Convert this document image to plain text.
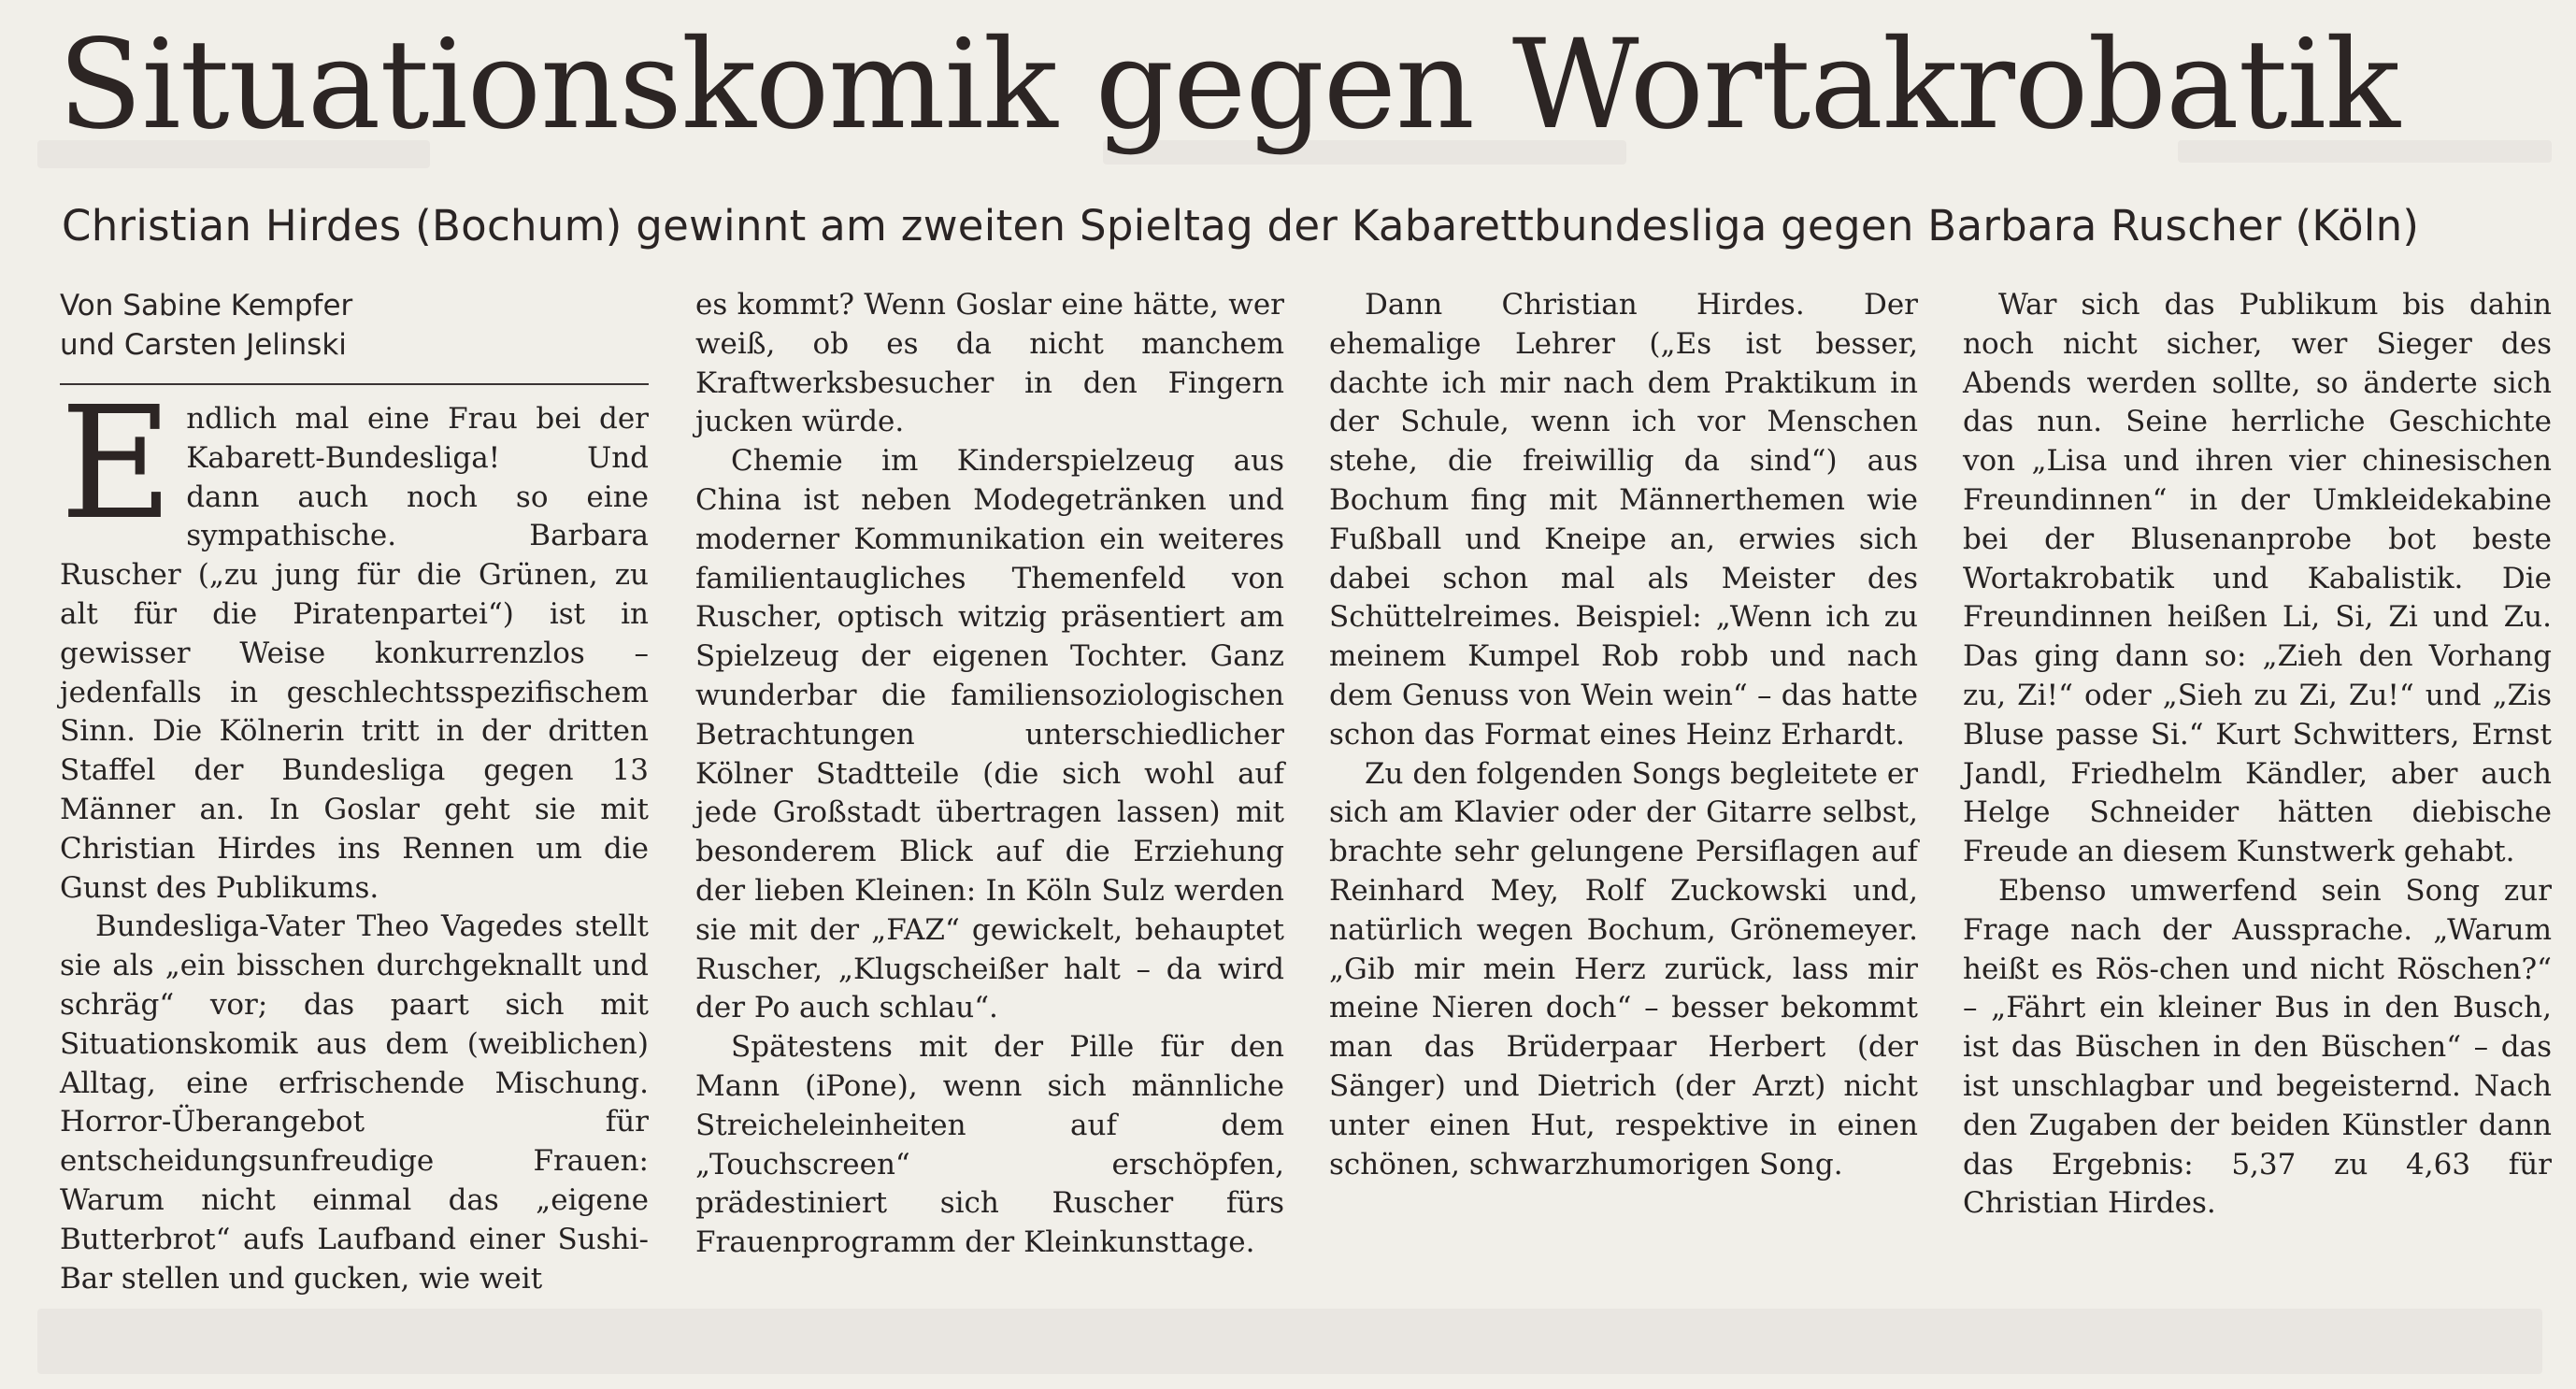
Situationskomik gegen Wortakrobatik
Christian Hirdes (Bochum) gewinnt am zweiten Spieltag der Kabarettbundesliga gegen Barbara Ruscher (Köln)

Von Sabine Kempfer

und Carsten Jelinski

Endlich mal eine Frau bei der Kabarett-Bundesliga! Und dann auch noch so eine sympathische. Barbara Ruscher („zu jung für die Grünen, zu alt für die Piratenpartei“) ist in gewisser Weise konkurrenzlos – jedenfalls in geschlechtsspezifischem Sinn. Die Kölnerin tritt in der dritten Staffel der Bundesliga gegen 13 Männer an. In Goslar geht sie mit Christian Hirdes ins Rennen um die Gunst des Publikums.

Bundesliga-Vater Theo Vagedes stellt sie als „ein bisschen durchgeknallt und schräg“ vor; das paart sich mit Situationskomik aus dem (weiblichen) Alltag, eine erfrischende Mischung. Horror-Überangebot für entscheidungsunfreudige Frauen: Warum nicht einmal das „eigene Butterbrot“ aufs Laufband einer Sushi-Bar stellen und gucken, wie weit

es kommt? Wenn Goslar eine hätte, wer weiß, ob es da nicht manchem Kraftwerksbesucher in den Fingern jucken würde.

Chemie im Kinderspielzeug aus China ist neben Modegetränken und moderner Kommunikation ein weiteres familientaugliches Themenfeld von Ruscher, optisch witzig präsentiert am Spielzeug der eigenen Tochter. Ganz wunderbar die familiensoziologischen Betrachtungen unterschiedlicher Kölner Stadtteile (die sich wohl auf jede Großstadt übertragen lassen) mit besonderem Blick auf die Erziehung der lieben Kleinen: In Köln Sulz werden sie mit der „FAZ“ gewickelt, behauptet Ruscher, „Klugscheißer halt – da wird der Po auch schlau“.

Spätestens mit der Pille für den Mann (iPone), wenn sich männliche Streicheleinheiten auf dem „Touchscreen“ erschöpfen, prädestiniert sich Ruscher fürs Frauenprogramm der Kleinkunsttage.

Dann Christian Hirdes. Der ehemalige Lehrer („Es ist besser, dachte ich mir nach dem Praktikum in der Schule, wenn ich vor Menschen stehe, die freiwillig da sind“) aus Bochum fing mit Männerthemen wie Fußball und Kneipe an, erwies sich dabei schon mal als Meister des Schüttelreimes. Beispiel: „Wenn ich zu meinem Kumpel Rob robb und nach dem Genuss von Wein wein“ – das hatte schon das Format eines Heinz Erhardt.

Zu den folgenden Songs begleitete er sich am Klavier oder der Gitarre selbst, brachte sehr gelungene Persiflagen auf Reinhard Mey, Rolf Zuckowski und, natürlich wegen Bochum, Grönemeyer. „Gib mir mein Herz zurück, lass mir meine Nieren doch“ – besser bekommt man das Brüderpaar Herbert (der Sänger) und Dietrich (der Arzt) nicht unter einen Hut, respektive in einen schönen, schwarzhumorigen Song.

War sich das Publikum bis dahin noch nicht sicher, wer Sieger des Abends werden sollte, so änderte sich das nun. Seine herrliche Geschichte von „Lisa und ihren vier chinesischen Freundinnen“ in der Umkleidekabine bei der Blusenanprobe bot beste Wortakrobatik und Kabalistik. Die Freundinnen heißen Li, Si, Zi und Zu. Das ging dann so: „Zieh den Vorhang zu, Zi!“ oder „Sieh zu Zi, Zu!“ und „Zis Bluse passe Si.“ Kurt Schwitters, Ernst Jandl, Friedhelm Kändler, aber auch Helge Schneider hätten diebische Freude an diesem Kunstwerk gehabt.

Ebenso umwerfend sein Song zur Frage nach der Aussprache. „Warum heißt es Rös-chen und nicht Röschen?“ – „Fährt ein kleiner Bus in den Busch, ist das Büschen in den Büschen“ – das ist unschlagbar und begeisternd. Nach den Zugaben der beiden Künstler dann das Ergebnis: 5,37 zu 4,63 für Christian Hirdes.
